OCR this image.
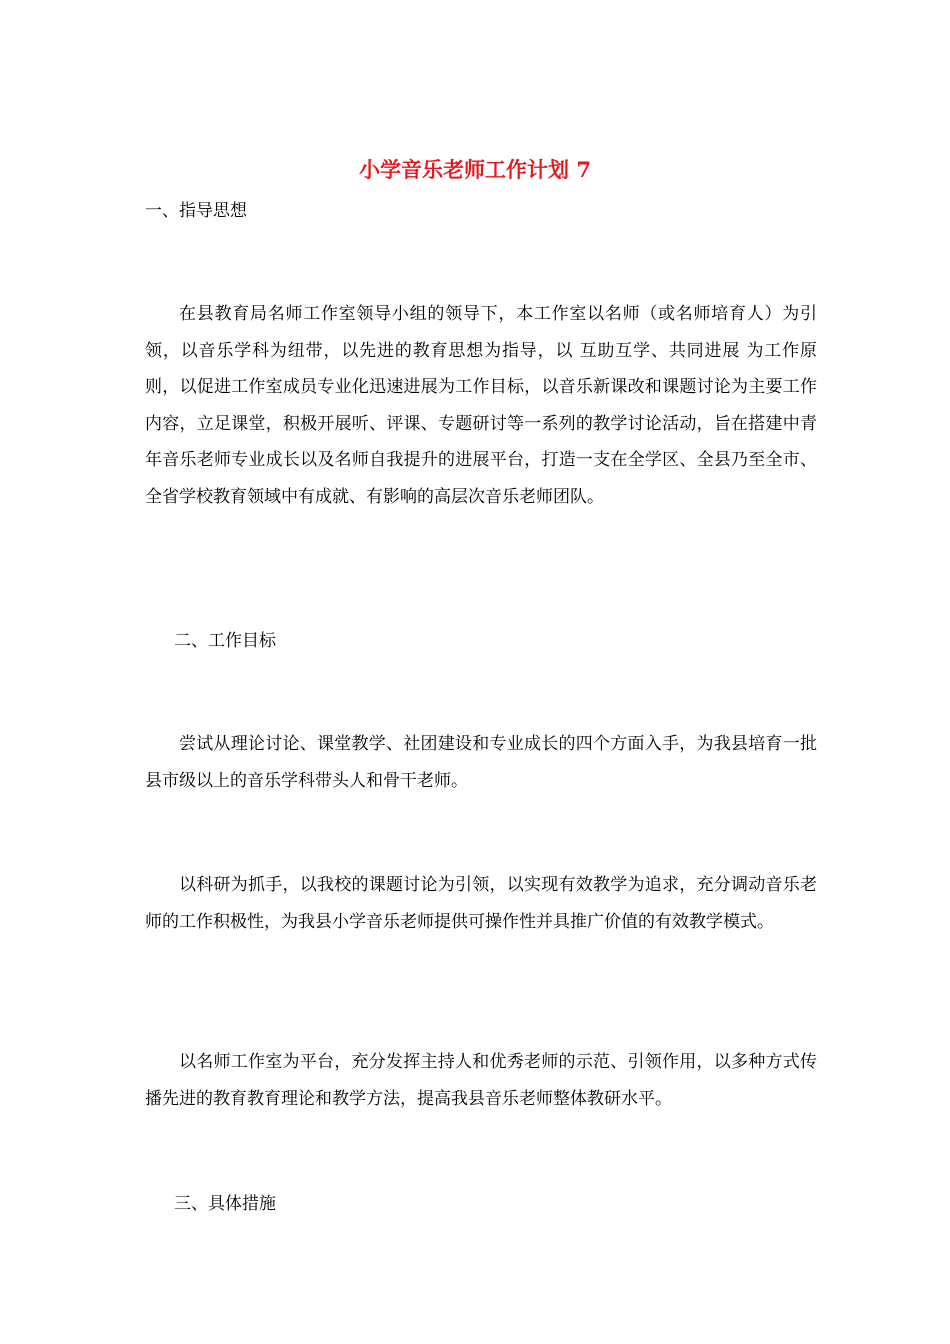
小学音乐老师工作计划 7
一、指导思想

在县教育局名师工作室领导小组的领导下，本工作室以名师（或名师培育人）为引领，以音乐学科为纽带，以先进的教育思想为指导，以 互助互学、共同进展 为工作原则，以促进工作室成员专业化迅速进展为工作目标，以音乐新课改和课题讨论为主要工作内容，立足课堂，积极开展听、评课、专题研讨等一系列的教学讨论活动，旨在搭建中青年音乐老师专业成长以及名师自我提升的进展平台，打造一支在全学区、全县乃至全市、全省学校教育领域中有成就、有影响的高层次音乐老师团队。

二、工作目标

尝试从理论讨论、课堂教学、社团建设和专业成长的四个方面入手，为我县培育一批县市级以上的音乐学科带头人和骨干老师。

以科研为抓手，以我校的课题讨论为引领，以实现有效教学为追求，充分调动音乐老师的工作积极性，为我县小学音乐老师提供可操作性并具推广价值的有效教学模式。

以名师工作室为平台，充分发挥主持人和优秀老师的示范、引领作用，以多种方式传播先进的教育教育理论和教学方法，提高我县音乐老师整体教研水平。

三、具体措施
